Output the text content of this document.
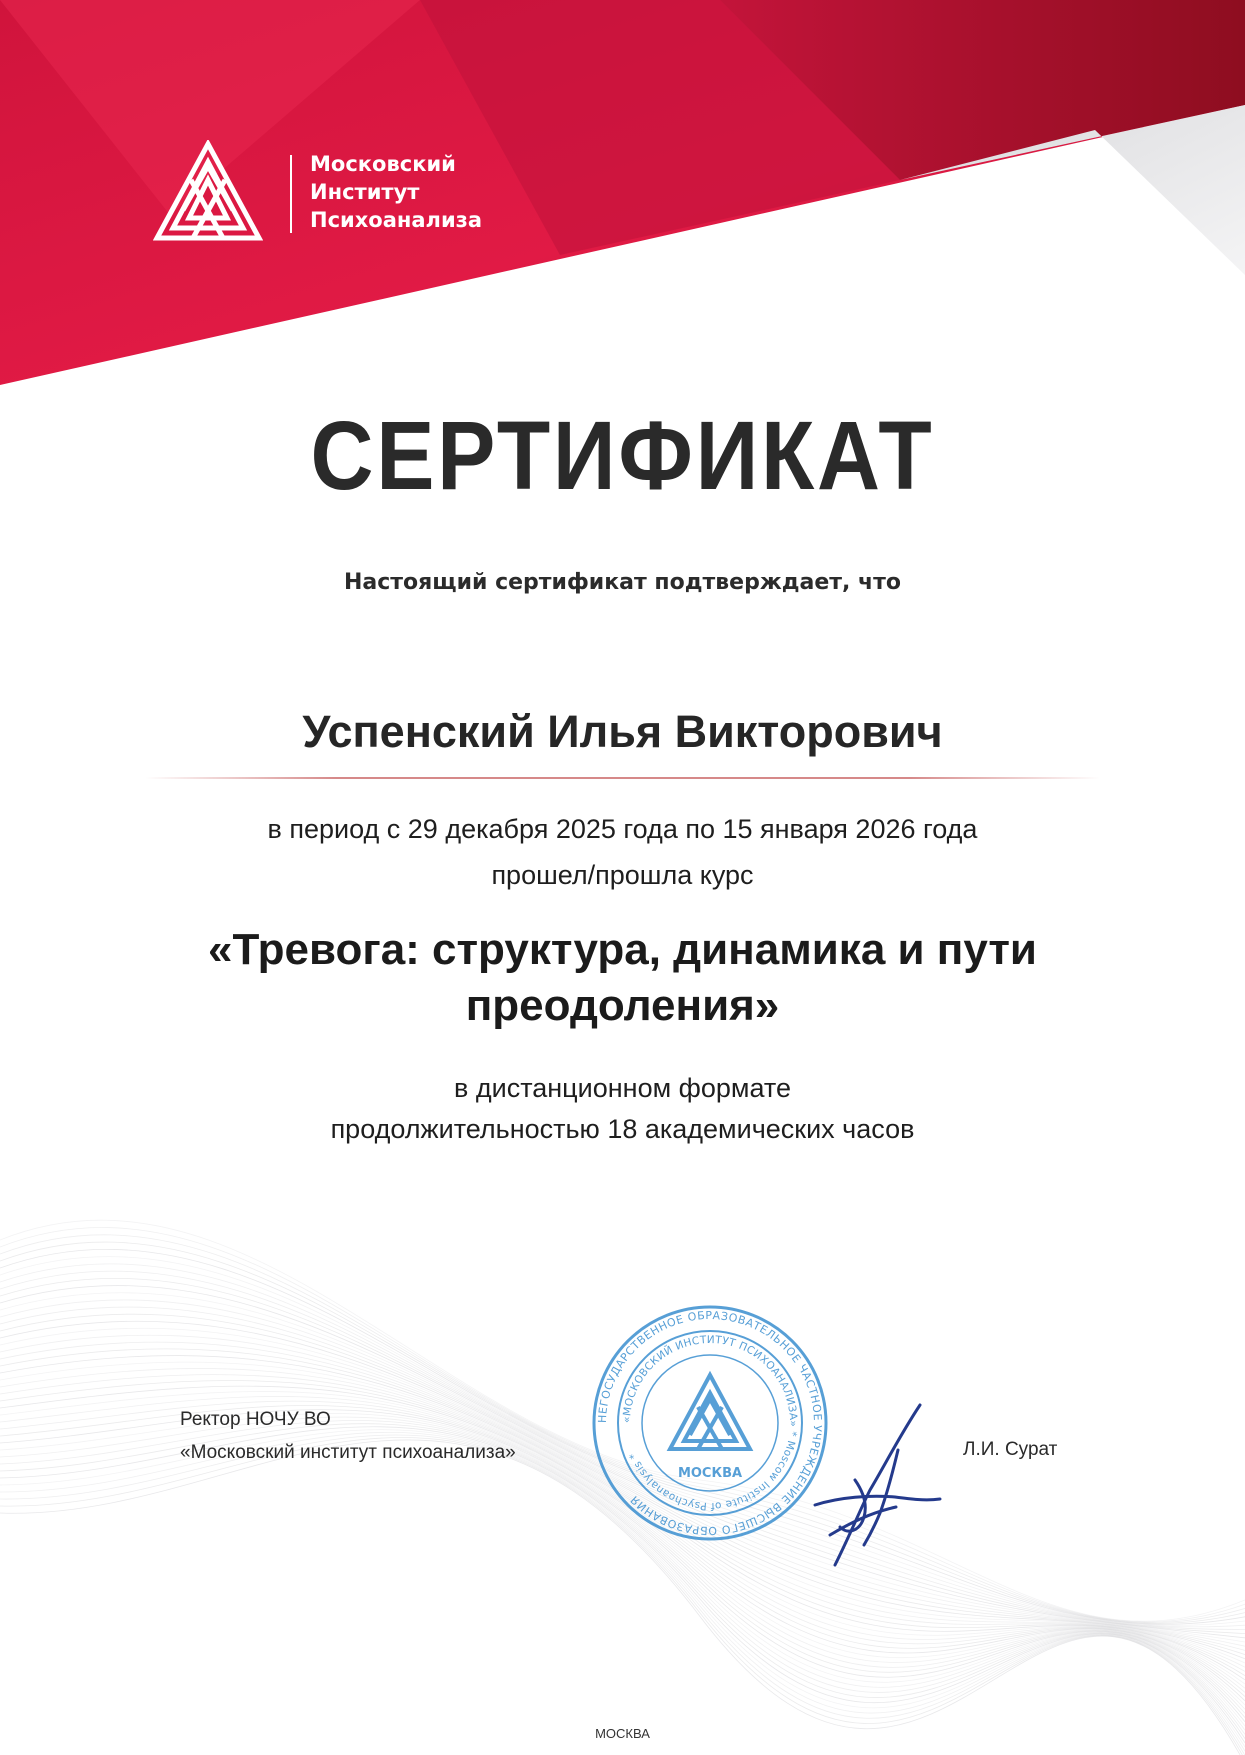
Московский
Институт
Психоанализа
СЕРТИФИКАТ
Настоящий сертификат подтверждает, что
Успенский Илья Викторович
в период с 29 декабря 2025 года по 15 января 2026 года
прошел/прошла курс
«Тревога: структура, динамика и пути
преодоления»
в дистанционном формате
продолжительностью 18 академических часов
Ректор НОЧУ ВО
«Московский институт психоанализа»
НЕГОСУДАРСТВЕННОЕ ОБРАЗОВАТЕЛЬНОЕ ЧАСТНОЕ УЧРЕЖДЕНИЕ ВЫСШЕГО ОБРАЗОВАНИЯ
«МОСКОВСКИЙ ИНСТИТУТ ПСИХОАНАЛИЗА» * Moscow Institute of Psychoanalysis *
МОСКВА
Л.И. Сурат
МОСКВА
